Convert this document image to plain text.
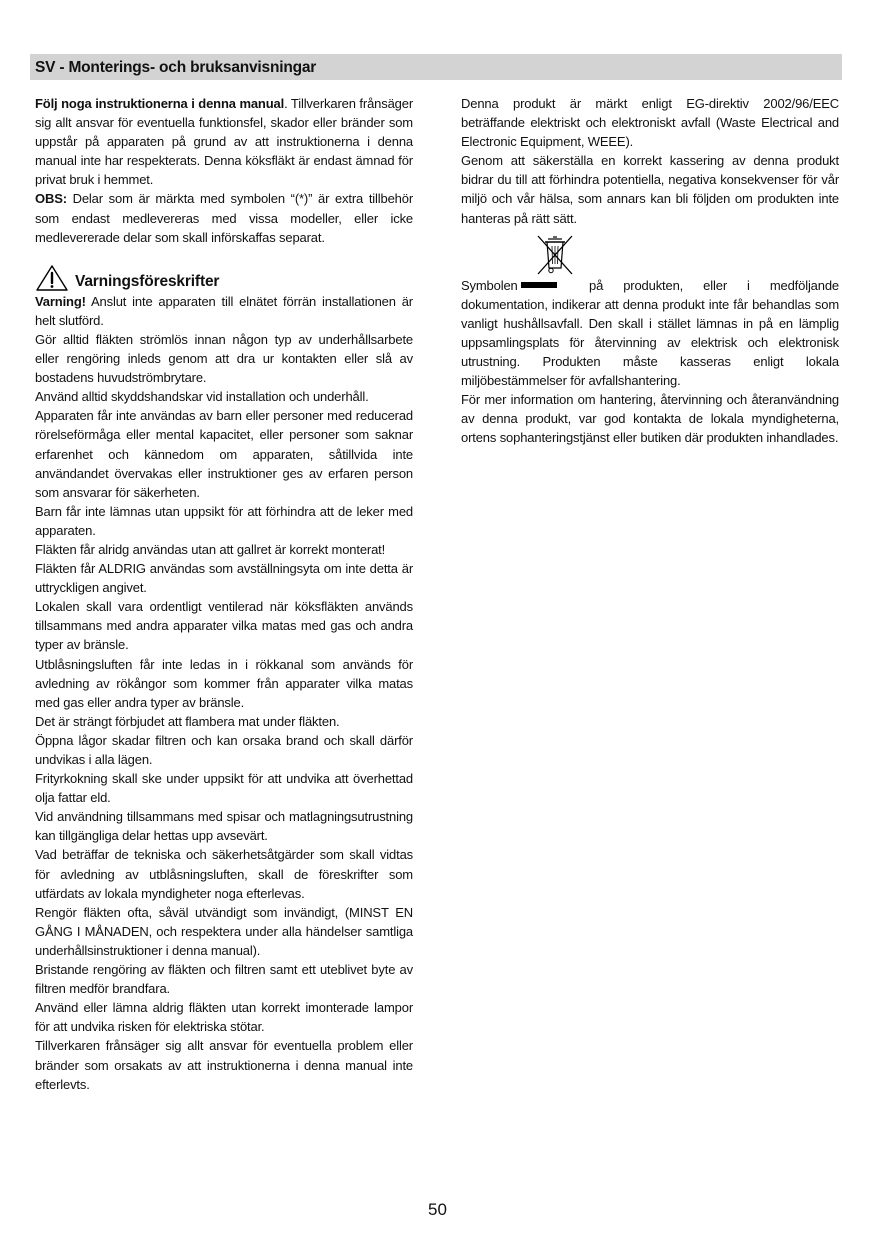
SV - Monterings- och bruksanvisningar

Följ noga instruktionerna i denna manual. Tillverkaren frånsäger sig allt ansvar för eventuella funktionsfel, skador eller bränder som uppstår på apparaten på grund av att instruktionerna i denna manual inte har respekterats. Denna köksfläkt är endast ämnad för privat bruk i hemmet.

OBS: Delar som är märkta med symbolen “(*)” är extra tillbehör som endast medlevereras med vissa modeller, eller icke medlevererade delar som skall införskaffas separat.

Varningsföreskrifter

Varning! Anslut inte apparaten till elnätet förrän installationen är helt slutförd.

Gör alltid fläkten strömlös innan någon typ av underhållsarbete eller rengöring inleds genom att dra ur kontakten eller slå av bostadens huvudströmbrytare.

Använd alltid skyddshandskar vid installation och underhåll.

Apparaten får inte användas av barn eller personer med reducerad rörelseförmåga eller mental kapacitet, eller personer som saknar erfarenhet och kännedom om apparaten, såtillvida inte användandet övervakas eller instruktioner ges av erfaren person som ansvarar för säkerheten.

Barn får inte lämnas utan uppsikt för att förhindra att de leker med apparaten.

Fläkten får alridg användas utan att gallret är korrekt monterat!

Fläkten får ALDRIG användas som avställningsyta om inte detta är uttryckligen angivet.

Lokalen skall vara ordentligt ventilerad när köksfläkten används tillsammans med andra apparater vilka matas med gas och andra typer av bränsle.

Utblåsningsluften får inte ledas in i rökkanal som används för avledning av rökångor som kommer från apparater vilka matas med gas eller andra typer av bränsle.

Det är strängt förbjudet att flambera mat under fläkten.

Öppna lågor skadar filtren och kan orsaka brand och skall därför undvikas i alla lägen.

Frityrkokning skall ske under uppsikt för att undvika att överhettad olja fattar eld.

Vid användning tillsammans med spisar och matlagningsutrustning kan tillgängliga delar hettas upp avsevärt.

Vad beträffar de tekniska och säkerhetsåtgärder som skall vidtas för avledning av utblåsningsluften, skall de föreskrifter som utfärdats av lokala myndigheter noga efterlevas.

Rengör fläkten ofta, såväl utvändigt som invändigt, (MINST EN GÅNG I MÅNADEN, och respektera under alla händelser samtliga underhållsinstruktioner i denna manual).

Bristande rengöring av fläkten och filtren samt ett uteblivet byte av filtren medför brandfara.

Använd eller lämna aldrig fläkten utan korrekt imonterade lampor för att undvika risken för elektriska stötar.

Tillverkaren frånsäger sig allt ansvar för eventuella problem eller bränder som orsakats av att instruktionerna i denna manual inte efterlevts.

Denna produkt är märkt enligt EG-direktiv 2002/96/EEC beträffande elektriskt och elektroniskt avfall (Waste Electrical and Electronic Equipment, WEEE).

Genom att säkerställa en korrekt kassering av denna produkt bidrar du till att förhindra potentiella, negativa konsekvenser för vår miljö och vår hälsa, som annars kan bli följden om produkten inte hanteras på rätt sätt.

Symbolen	på produkten, eller i medföljande dokumentation, indikerar att denna produkt inte får behandlas som vanligt hushållsavfall. Den skall i stället lämnas in på en lämplig uppsamlingsplats för återvinning av elektrisk och elektronisk utrustning. Produkten måste kasseras enligt lokala miljöbestämmelser för avfallshantering.

För mer information om hantering, återvinning och återanvändning av denna produkt, var god kontakta de lokala myndigheterna, ortens sophanteringstjänst eller butiken där produkten inhandlades.

50
